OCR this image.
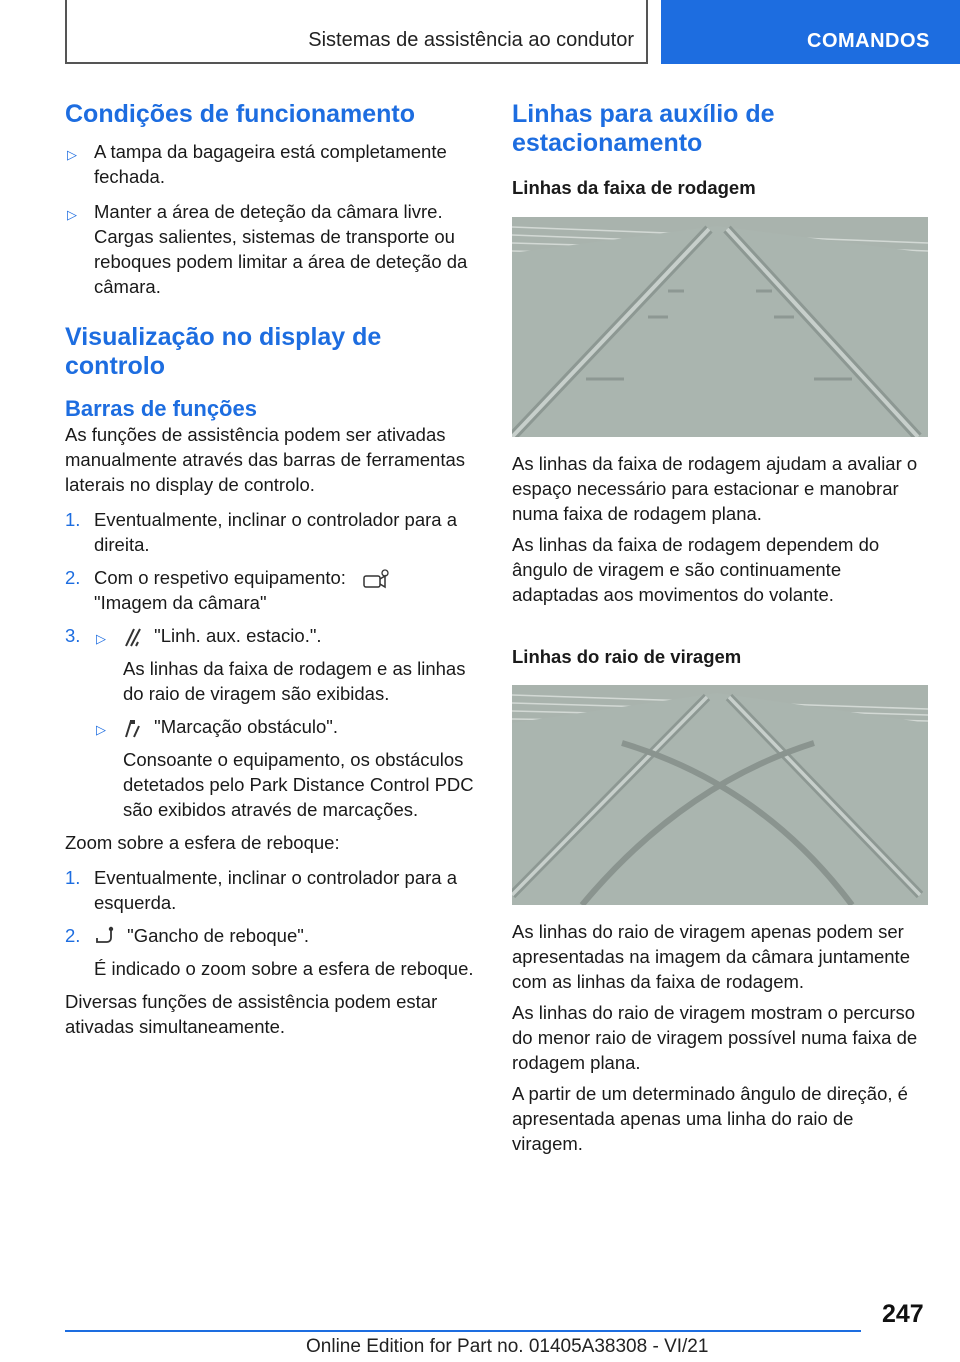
Sistemas de assistência ao condutor	COMANDOS
Condições de funcionamento
▷ A tampa da bagageira está completamente fechada.
▷ Manter a área de deteção da câmara livre. Cargas salientes, sistemas de transporte ou reboques podem limitar a área de deteção da câmara.
Visualização no display de controlo
Barras de funções

As funções de assistência podem ser ativadas manualmente através das barras de ferramentas laterais no display de controlo.

1. Eventualmente, inclinar o controlador para a direita.
2. Com o respetivo equipamento:
"Imagem da câmara"
3. ▷	"Linh. aux. estacio.".
As linhas da faixa de rodagem e as linhas do raio de viragem são exibidas.
▷	"Marcação obstáculo".
Consoante o equipamento, os obstáculos detetados pelo Park Distance Control PDC são exibidos através de marcações.

Zoom sobre a esfera de reboque:

1. Eventualmente, inclinar o controlador para a esquerda.
2.	"Gancho de reboque".
É indicado o zoom sobre a esfera de reboque.

Diversas funções de assistência podem estar ativadas simultaneamente.

Linhas para auxílio de estacionamento
Linhas da faixa de rodagem

As linhas da faixa de rodagem ajudam a avaliar o espaço necessário para estacionar e manobrar numa faixa de rodagem plana.

As linhas da faixa de rodagem dependem do ângulo de viragem e são continuamente adaptadas aos movimentos do volante.

Linhas do raio de viragem

As linhas do raio de viragem apenas podem ser apresentadas na imagem da câmara juntamente com as linhas da faixa de rodagem.

As linhas do raio de viragem mostram o percurso do menor raio de viragem possível numa faixa de rodagem plana.

A partir de um determinado ângulo de direção, é apresentada apenas uma linha do raio de viragem.

247
Online Edition for Part no. 01405A38308 - VI/21
